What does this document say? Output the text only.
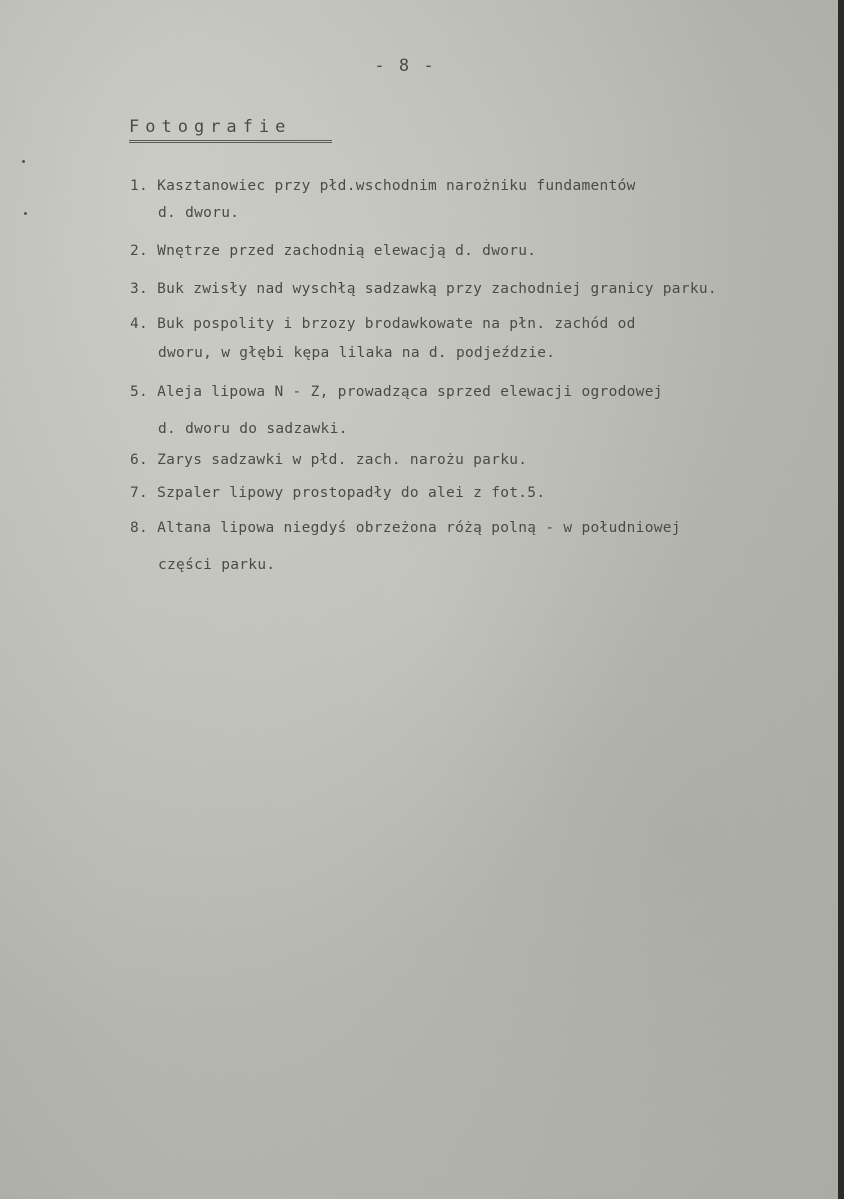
- 8 -
Fotografie
1. Kasztanowiec przy płd.wschodnim narożniku fundamentów
d. dworu.
2. Wnętrze przed zachodnią elewacją d. dworu.
3. Buk zwisły nad wyschłą sadzawką przy zachodniej granicy parku.
4. Buk pospolity i brzozy brodawkowate na płn. zachód od
dworu, w głębi kępa lilaka na d. podjeździe.
5. Aleja lipowa N - Z, prowadząca sprzed elewacji ogrodowej
d. dworu do sadzawki.
6. Zarys sadzawki w płd. zach. narożu parku.
7. Szpaler lipowy prostopadły do alei z fot.5.
8. Altana lipowa niegdyś obrzeżona różą polną - w południowej
części parku.
